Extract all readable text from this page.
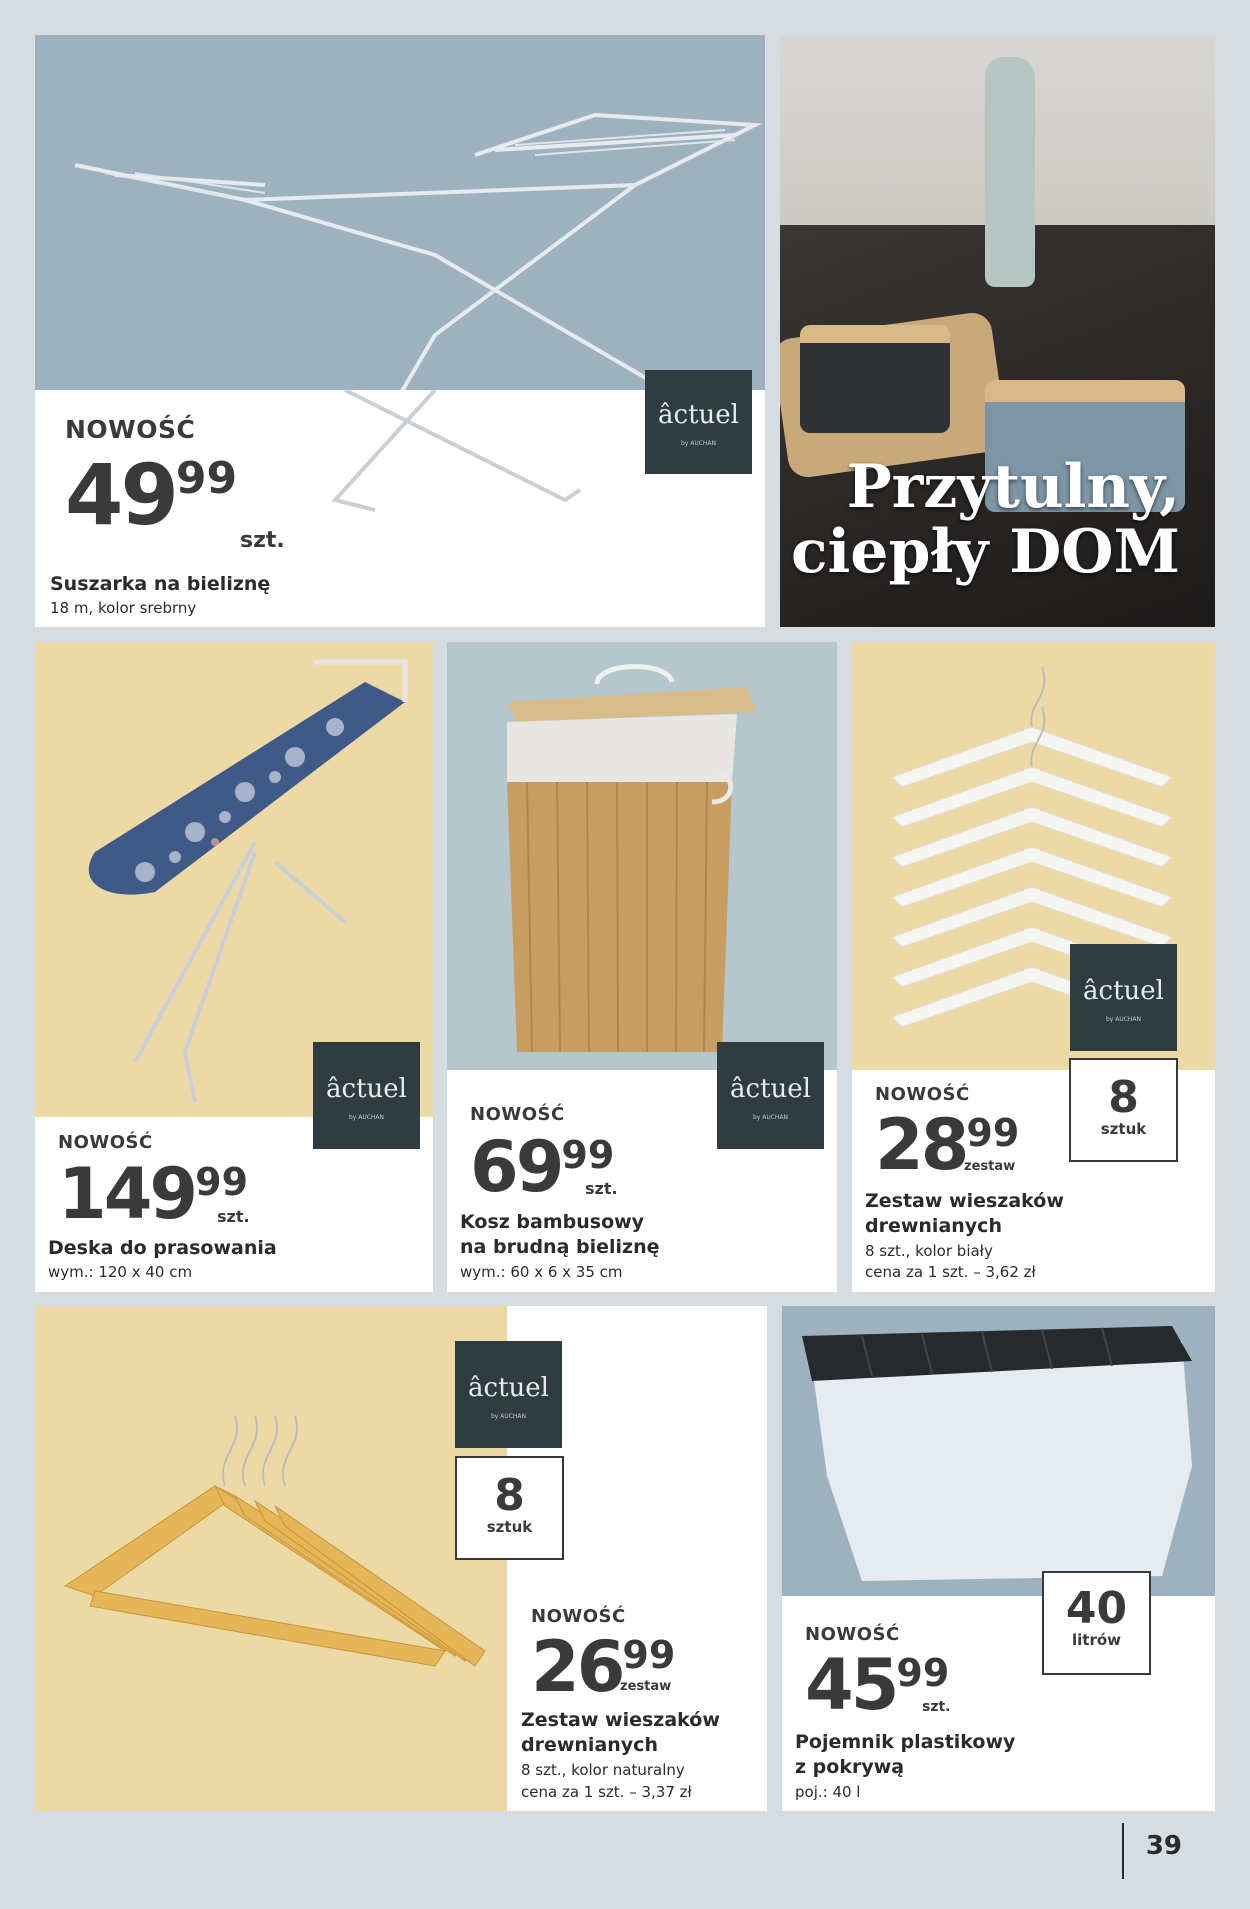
NOWOŚĆ
4999
szt.
Suszarka na bieliznę
18 m, kolor srebrny
âctuel
by AUCHAN
Przytulny,
ciepły DOM
NOWOŚĆ
14999
szt.
Deska do prasowania
wym.: 120 x 40 cm
âctuel
by AUCHAN	NOWOŚĆ
6999
szt.
Kosz bambusowy
na brudną bieliznę
wym.: 60 x 6 x 35 cm
âctuel
by AUCHAN
âctuel
by AUCHAN
8
sztuk
NOWOŚĆ
2899
zestaw
Zestaw wieszaków
drewnianych
8 szt., kolor biały
cena za 1 szt. – 3,62 zł
âctuel
by AUCHAN
8
sztuk
NOWOŚĆ
2699
zestaw
Zestaw wieszaków
drewnianych
8 szt., kolor naturalny
cena za 1 szt. – 3,37 zł
40
litrów
NOWOŚĆ
4599
szt.
Pojemnik plastikowy
z pokrywą
poj.: 40 l
39
